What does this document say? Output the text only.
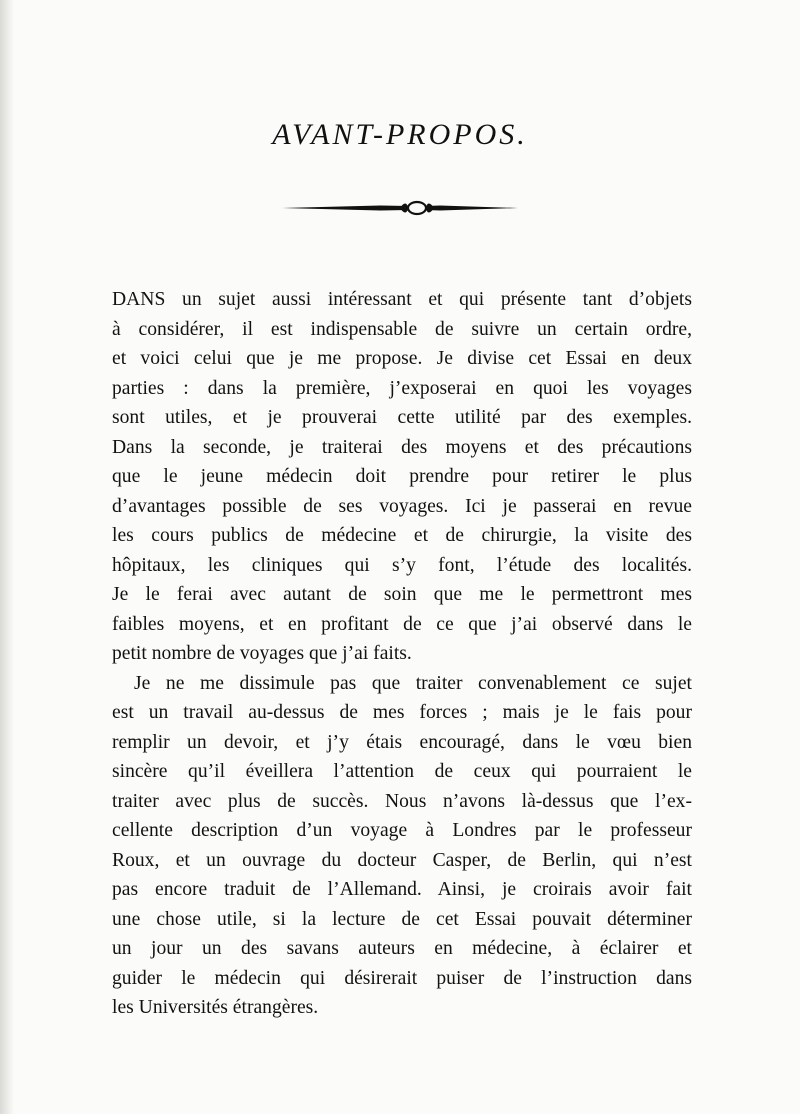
AVANT-PROPOS.

DANS un sujet aussi intéressant et qui présente tant d’objets
à considérer, il est indispensable de suivre un certain ordre,
et voici celui que je me propose. Je divise cet Essai en deux
parties : dans la première, j’exposerai en quoi les voyages
sont utiles, et je prouverai cette utilité par des exemples.
Dans la seconde, je traiterai des moyens et des précautions
que le jeune médecin doit prendre pour retirer le plus
d’avantages possible de ses voyages. Ici je passerai en revue
les cours publics de médecine et de chirurgie, la visite des
hôpitaux, les cliniques qui s’y font, l’étude des localités.
Je le ferai avec autant de soin que me le permettront mes
faibles moyens, et en profitant de ce que j’ai observé dans le
petit nombre de voyages que j’ai faits.

Je ne me dissimule pas que traiter convenablement ce sujet
est un travail au-dessus de mes forces ; mais je le fais pour
remplir un devoir, et j’y étais encouragé, dans le vœu bien
sincère qu’il éveillera l’attention de ceux qui pourraient le
traiter avec plus de succès. Nous n’avons là-dessus que l’ex-
cellente description d’un voyage à Londres par le professeur
Roux, et un ouvrage du docteur Casper, de Berlin, qui n’est
pas encore traduit de l’Allemand. Ainsi, je croirais avoir fait
une chose utile, si la lecture de cet Essai pouvait déterminer
un jour un des savans auteurs en médecine, à éclairer et
guider le médecin qui désirerait puiser de l’instruction dans
les Universités étrangères.
